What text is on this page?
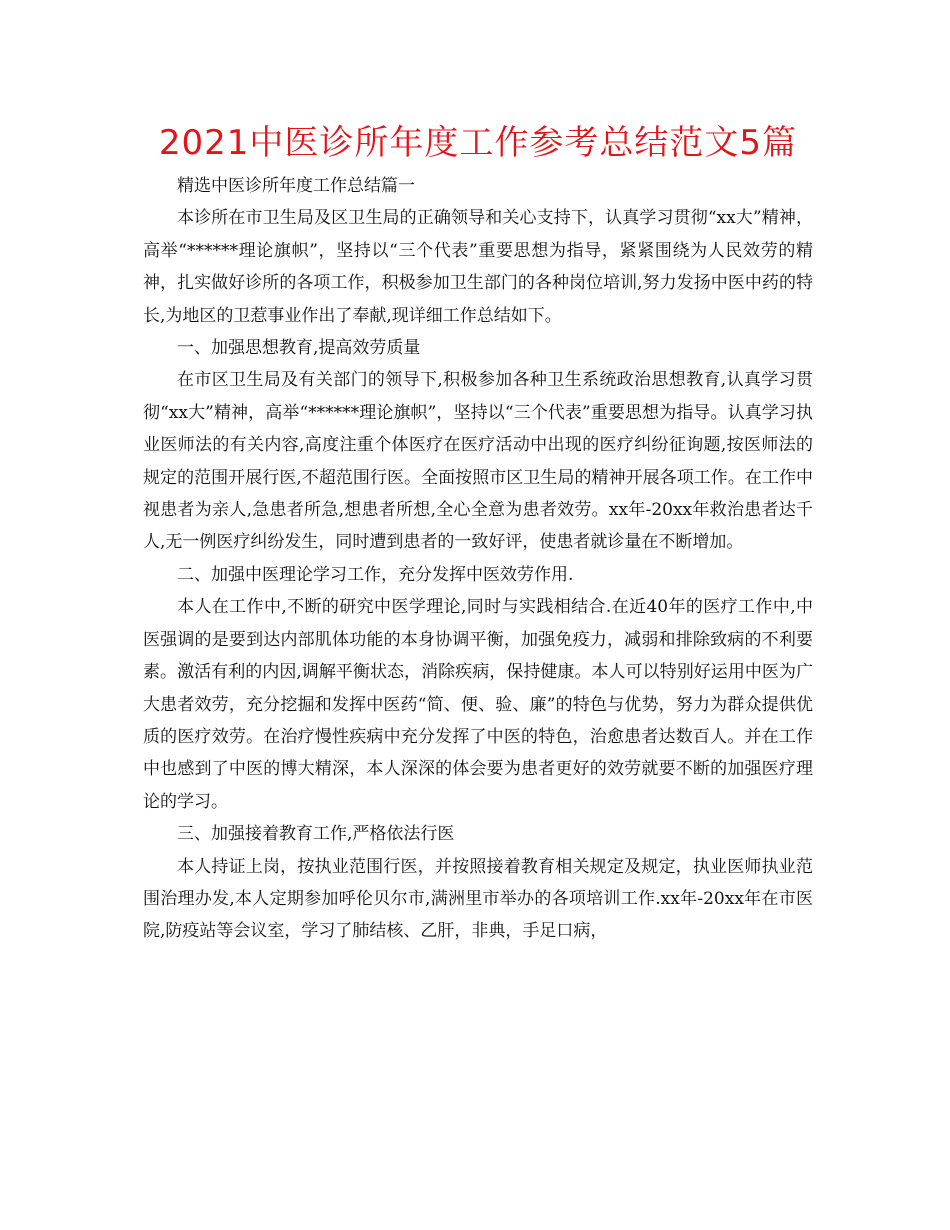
2021中医诊所年度工作参考总结范文5篇

精选中医诊所年度工作总结篇一

本诊所在市卫生局及区卫生局的正确领导和关心支持下，认真学习贯彻“xx大”精神，高举“******理论旗帜”，坚持以“三个代表”重要思想为指导，紧紧围绕为人民效劳的精神，扎实做好诊所的各项工作，积极参加卫生部门的各种岗位培训,努力发扬中医中药的特长,为地区的卫惹事业作出了奉献,现详细工作总结如下。

一、加强思想教育,提高效劳质量

在市区卫生局及有关部门的领导下,积极参加各种卫生系统政治思想教育,认真学习贯彻“xx大”精神，高举“******理论旗帜”，坚持以“三个代表”重要思想为指导。认真学习执业医师法的有关内容,高度注重个体医疗在医疗活动中出现的医疗纠纷征询题,按医师法的规定的范围开展行医,不超范围行医。全面按照市区卫生局的精神开展各项工作。在工作中视患者为亲人,急患者所急,想患者所想,全心全意为患者效劳。xx年-20xx年救治患者达千人,无一例医疗纠纷发生，同时遭到患者的一致好评，使患者就诊量在不断增加。

二、加强中医理论学习工作，充分发挥中医效劳作用.

本人在工作中,不断的研究中医学理论,同时与实践相结合.在近40年的医疗工作中,中医强调的是要到达内部肌体功能的本身协调平衡，加强免疫力，减弱和排除致病的不利要素。激活有利的内因,调解平衡状态，消除疾病，保持健康。本人可以特别好运用中医为广大患者效劳，充分挖掘和发挥中医药“简、便、验、廉”的特色与优势，努力为群众提供优质的医疗效劳。在治疗慢性疾病中充分发挥了中医的特色，治愈患者达数百人。并在工作中也感到了中医的博大精深，本人深深的体会要为患者更好的效劳就要不断的加强医疗理论的学习。

三、加强接着教育工作,严格依法行医

本人持证上岗，按执业范围行医，并按照接着教育相关规定及规定，执业医师执业范围治理办发,本人定期参加呼伦贝尔市,满洲里市举办的各项培训工作.xx年-20xx年在市医院,防疫站等会议室，学习了肺结核、乙肝，非典，手足口病，
